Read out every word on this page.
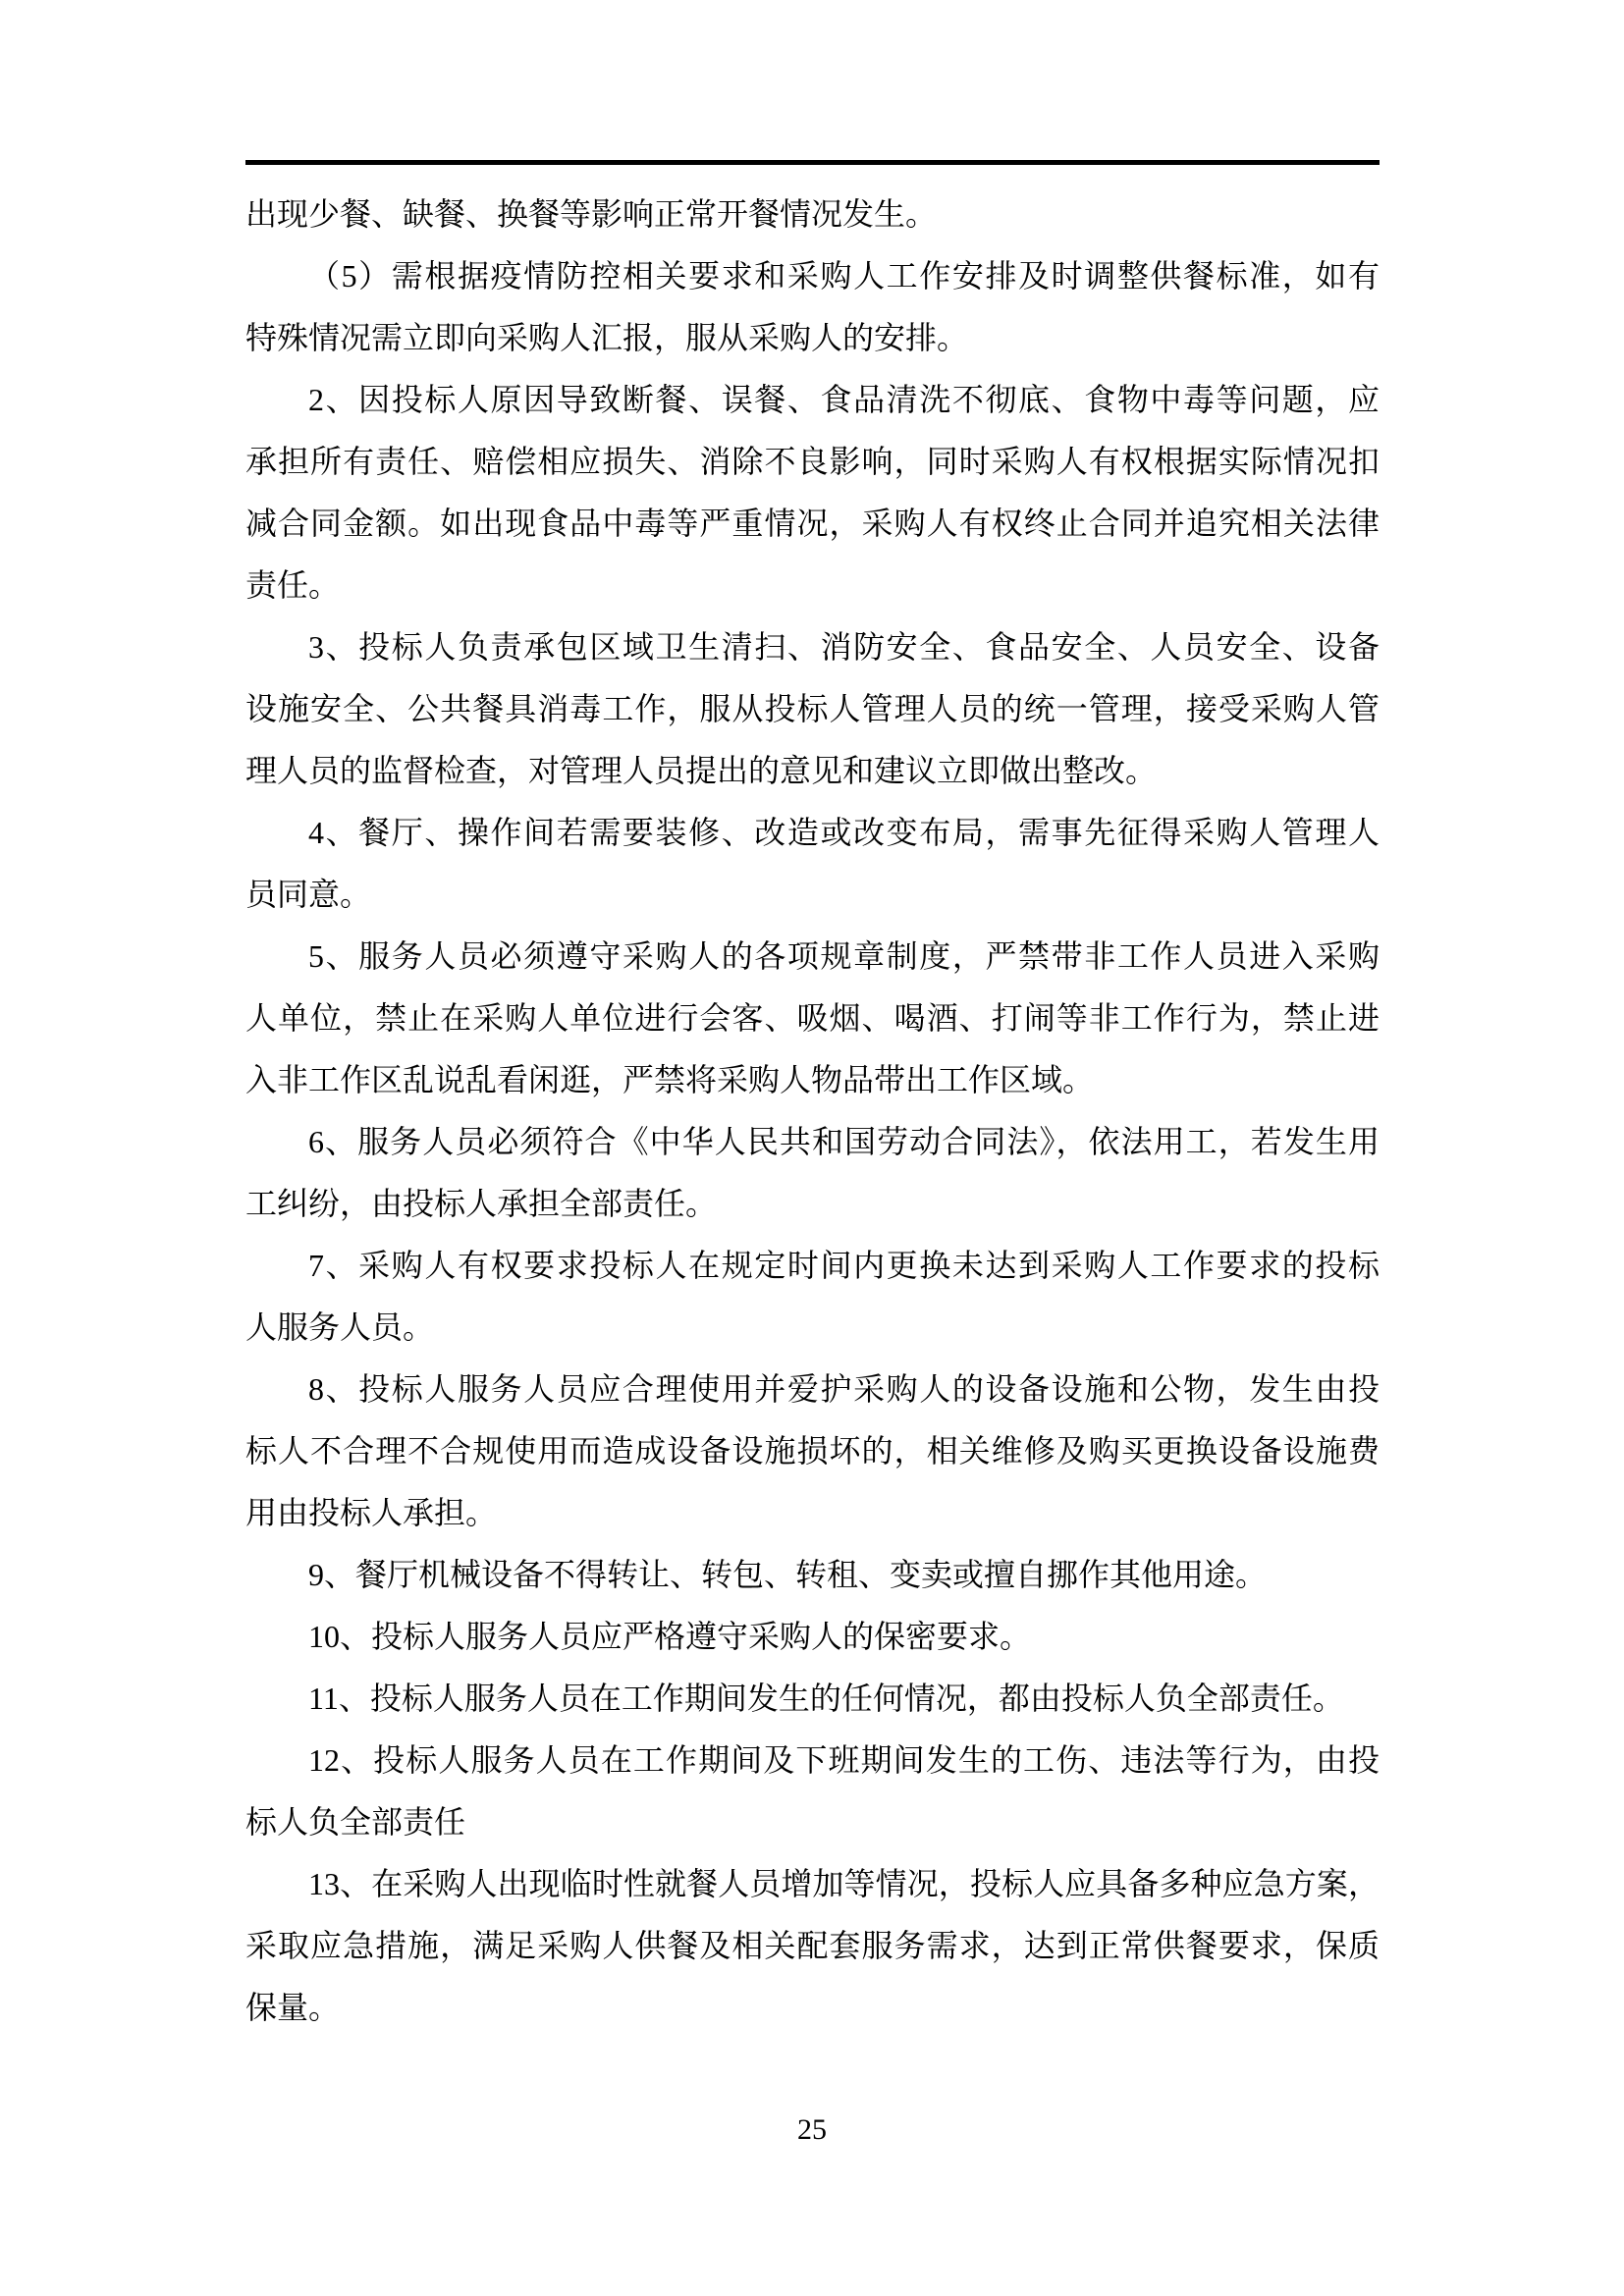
出现少餐、缺餐、换餐等影响正常开餐情况发生。
（5）需根据疫情防控相关要求和采购人工作安排及时调整供餐标准，如有
特殊情况需立即向采购人汇报，服从采购人的安排。
2、因投标人原因导致断餐、误餐、食品清洗不彻底、食物中毒等问题，应
承担所有责任、赔偿相应损失、消除不良影响，同时采购人有权根据实际情况扣
减合同金额。如出现食品中毒等严重情况，采购人有权终止合同并追究相关法律
责任。
3、投标人负责承包区域卫生清扫、消防安全、食品安全、人员安全、设备
设施安全、公共餐具消毒工作，服从投标人管理人员的统一管理，接受采购人管
理人员的监督检查，对管理人员提出的意见和建议立即做出整改。
4、餐厅、操作间若需要装修、改造或改变布局，需事先征得采购人管理人
员同意。
5、服务人员必须遵守采购人的各项规章制度，严禁带非工作人员进入采购
人单位，禁止在采购人单位进行会客、吸烟、喝酒、打闹等非工作行为，禁止进
入非工作区乱说乱看闲逛，严禁将采购人物品带出工作区域。
6、服务人员必须符合《中华人民共和国劳动合同法》，依法用工，若发生用
工纠纷，由投标人承担全部责任。
7、采购人有权要求投标人在规定时间内更换未达到采购人工作要求的投标
人服务人员。
8、投标人服务人员应合理使用并爱护采购人的设备设施和公物，发生由投
标人不合理不合规使用而造成设备设施损坏的，相关维修及购买更换设备设施费
用由投标人承担。
9、餐厅机械设备不得转让、转包、转租、变卖或擅自挪作其他用途。
10、投标人服务人员应严格遵守采购人的保密要求。
11、投标人服务人员在工作期间发生的任何情况，都由投标人负全部责任。
12、投标人服务人员在工作期间及下班期间发生的工伤、违法等行为，由投
标人负全部责任
13、在采购人出现临时性就餐人员增加等情况，投标人应具备多种应急方案，
采取应急措施，满足采购人供餐及相关配套服务需求，达到正常供餐要求，保质
保量。
25
